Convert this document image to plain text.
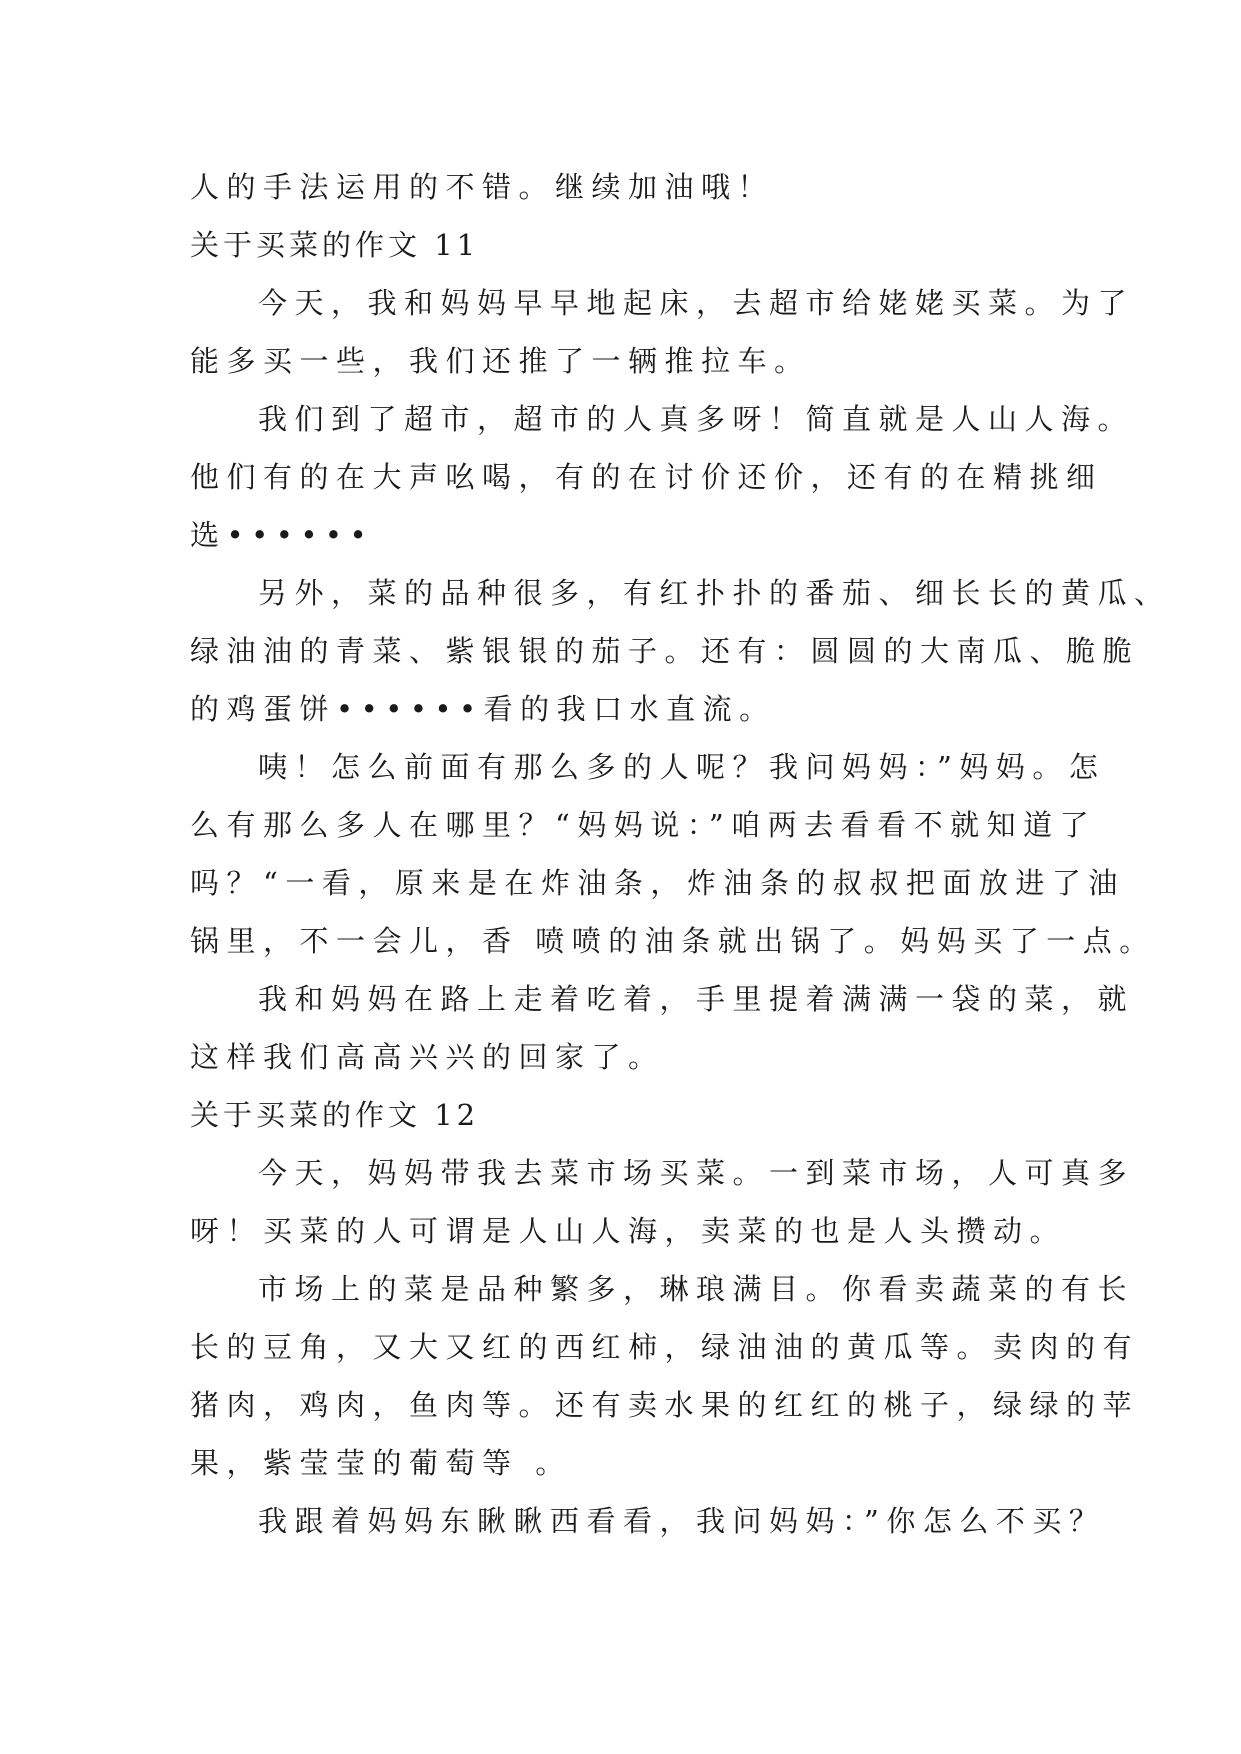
人的手法运用的不错。继续加油哦！
关于买菜的作文 11
今天，我和妈妈早早地起床，去超市给姥姥买菜。为了
能多买一些，我们还推了一辆推拉车。
我们到了超市，超市的人真多呀！简直就是人山人海。
他们有的在大声吆喝，有的在讨价还价，还有的在精挑细
选••••••
另外，菜的品种很多，有红扑扑的番茄、细长长的黄瓜、
绿油油的青菜、紫银银的茄子。还有：圆圆的大南瓜、脆脆
的鸡蛋饼••••••看的我口水直流。
咦！怎么前面有那么多的人呢？我问妈妈：”妈妈。怎
么有那么多人在哪里？“妈妈说：”咱两去看看不就知道了
吗？“一看，原来是在炸油条，炸油条的叔叔把面放进了油
锅里，不一会儿，香 喷喷的油条就出锅了。妈妈买了一点。
我和妈妈在路上走着吃着，手里提着满满一袋的菜，就
这样我们高高兴兴的回家了。
关于买菜的作文 12
今天，妈妈带我去菜市场买菜。一到菜市场，人可真多
呀！买菜的人可谓是人山人海，卖菜的也是人头攒动。
市场上的菜是品种繁多，琳琅满目。你看卖蔬菜的有长
长的豆角，又大又红的西红柿，绿油油的黄瓜等。卖肉的有
猪肉，鸡肉，鱼肉等。还有卖水果的红红的桃子，绿绿的苹
果，紫莹莹的葡萄等 。
我跟着妈妈东瞅瞅西看看，我问妈妈：”你怎么不买？
